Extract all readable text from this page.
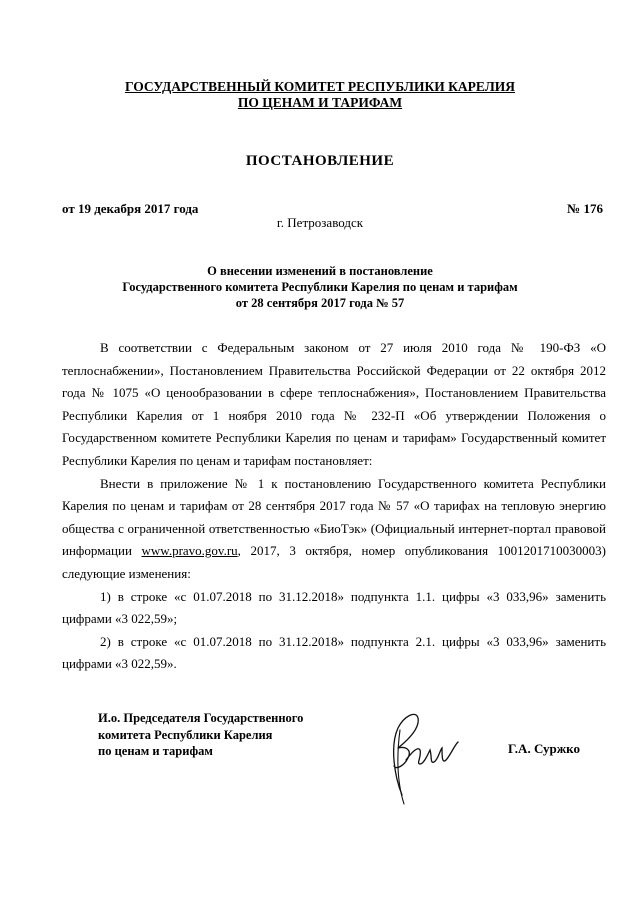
ГОСУДАРСТВЕННЫЙ КОМИТЕТ РЕСПУБЛИКИ КАРЕЛИЯ
ПО ЦЕНАМ И ТАРИФАМ
ПОСТАНОВЛЕНИЕ
от 19 декабря 2017 года	№ 176
г. Петрозаводск
О внесении изменений в постановление
Государственного комитета Республики Карелия по ценам и тарифам
от 28 сентября 2017 года № 57

В соответствии с Федеральным законом от 27 июля 2010 года № 190-ФЗ «О теплоснабжении», Постановлением Правительства Российской Федерации от 22 октября 2012 года № 1075 «О ценообразовании в сфере теплоснабжения», Постановлением Правительства Республики Карелия от 1 ноября 2010 года № 232-П «Об утверждении Положения о Государственном комитете Республики Карелия по ценам и тарифам» Государственный комитет Республики Карелия по ценам и тарифам постановляет:

Внести в приложение № 1 к постановлению Государственного комитета Республики Карелия по ценам и тарифам от 28 сентября 2017 года № 57 «О тарифах на тепловую энергию общества с ограниченной ответственностью «БиоТэк» (Официальный интернет-портал правовой информации www.pravo.gov.ru, 2017, 3 октября, номер опубликования 1001201710030003) следующие изменения:

1) в строке «с 01.07.2018 по 31.12.2018» подпункта 1.1. цифры «3 033,96» заменить цифрами «3 022,59»;

2) в строке «с 01.07.2018 по 31.12.2018» подпункта 2.1. цифры «3 033,96» заменить цифрами «3 022,59».

И.о. Председателя Государственного
комитета Республики Карелия
по ценам и тарифам	Г.А. Суржко
